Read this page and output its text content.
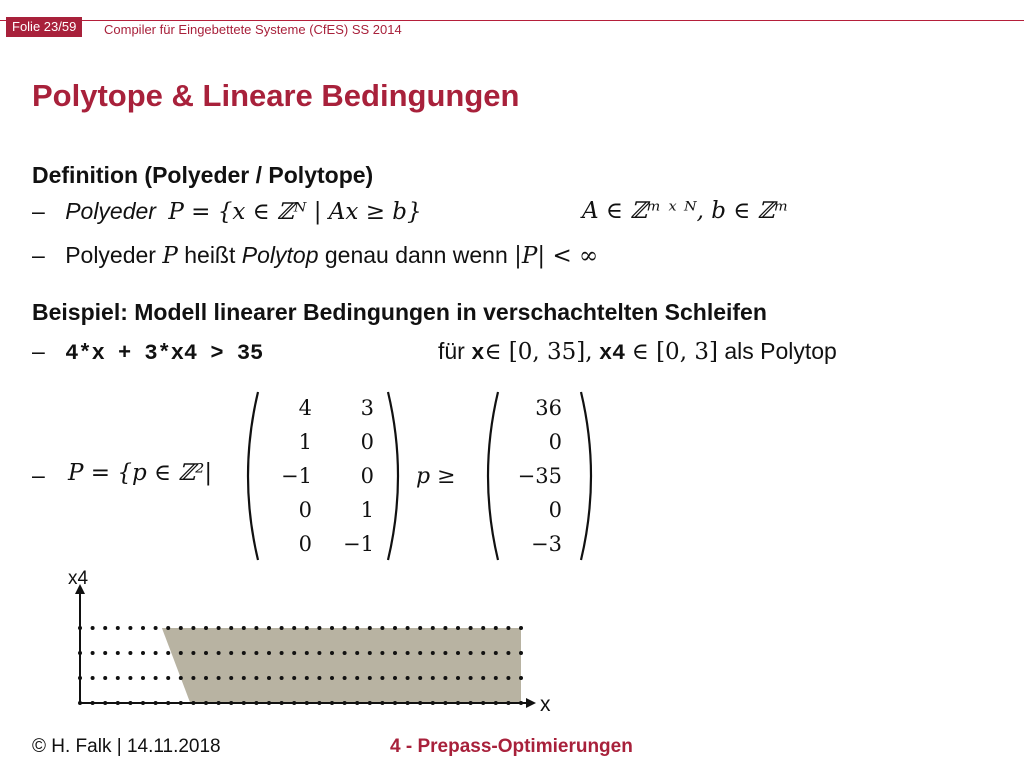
Folie 23/59	Compiler für Eingebettete Systeme (CfES) SS 2014
Polytope & Lineare Bedingungen
Definition (Polyeder / Polytope)
– Polyeder P = {x ∈ ℤᴺ | Ax ≥ b}	A ∈ ℤᵐ ˣ ᴺ, b ∈ ℤᵐ
– Polyeder P heißt Polytop genau dann wenn |P| < ∞
Beispiel: Modell linearer Bedingungen in verschachtelten Schleifen
– 4*x + 3*x4 > 35	für x∈ [0, 35], x4 ∈ [0, 3] als Polytop
– P = {p ∈ ℤ²|
4 3
1 0
−1 0
0 1
0 −1
36
0
−35
0
−3
p ≥
x4
x
© H. Falk | 14.11.2018	4 - Prepass-Optimierungen
